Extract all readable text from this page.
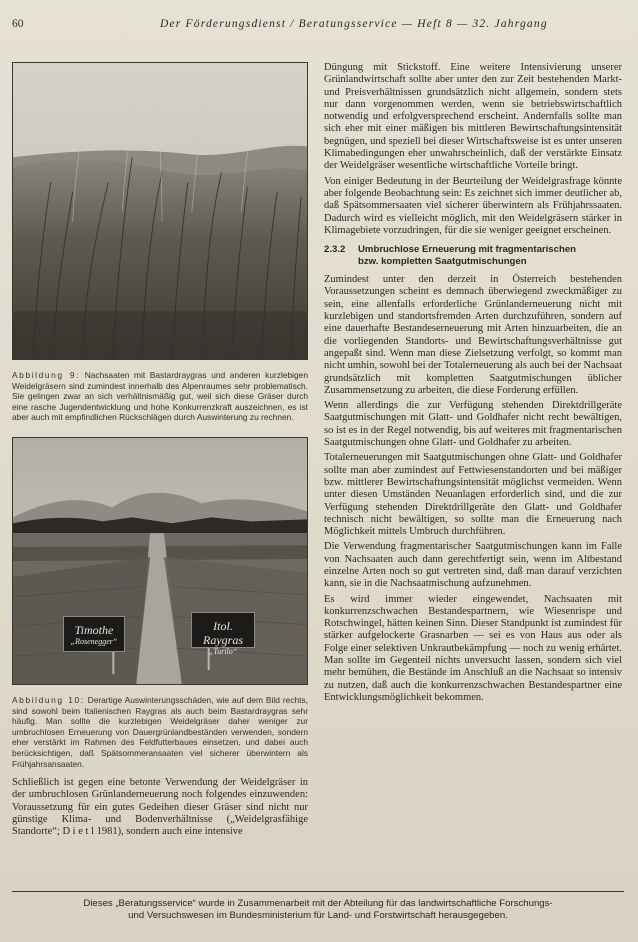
60	Der Förderungsdienst / Beratungsservice — Heft 8 — 32. Jahrgang
Abbildung 9: Nachsaaten mit Bastardraygras und anderen kurzlebigen Weidelgräsern sind zumindest innerhalb des Alpenraumes sehr problematisch. Sie gelingen zwar an sich verhältnismäßig gut, weil sich diese Gräser durch eine rasche Jugendentwicklung und hohe Konkurrenzkraft auszeichnen, es ist aber auch mit empfindlichen Rückschlägen durch Auswinterung zu rechnen.
Timothe
„Rosenegger“
Itol. Raygras
„Turilo“
Abbildung 10: Derartige Auswinterungsschäden, wie auf dem Bild rechts, sind sowohl beim Italienischen Raygras als auch beim Bastardraygras sehr häufig. Man sollte die kurzlebigen Weidelgräser daher weniger zur umbruchlosen Erneuerung von Dauergrünlandbeständen verwenden, sondern eher verstärkt im Rahmen des Feldfutterbaues einsetzen, und dabei auch berücksichtigen, daß Spätsommeransaaten viel sicherer überwintern als Frühjahrsansaaten.

Schließlich ist gegen eine betonte Verwendung der Weidelgräser in der umbruchlosen Grünlanderneuerung noch folgendes einzuwenden: Voraussetzung für ein gutes Gedeihen dieser Gräser sind nicht nur günstige Klima- und Bodenverhältnisse („Weidelgrasfähige Standorte“; D i e t l 1981), sondern auch eine intensive

Düngung mit Stickstoff. Eine weitere Intensivierung unserer Grünlandwirtschaft sollte aber unter den zur Zeit bestehenden Markt- und Preisverhältnissen grundsätzlich nicht allgemein, sondern stets nur dann vorgenommen werden, wenn sie betriebswirtschaftlich notwendig und erfolgversprechend erscheint. Andernfalls sollte man sich eher mit einer mäßigen bis mittleren Bewirtschaftungsintensität begnügen, und speziell bei dieser Wirtschaftsweise ist es unter unseren Klimabedingungen eher unwahrscheinlich, daß der verstärkte Einsatz der Weidelgräser wesentliche wirtschaftliche Vorteile bringt.

Von einiger Bedeutung in der Beurteilung der Weidelgrasfrage könnte aber folgende Beobachtung sein: Es zeichnet sich immer deutlicher ab, daß Spätsommersaaten viel sicherer überwintern als Frühjahrssaaten. Dadurch wird es vielleicht möglich, mit den Weidelgräsern stärker in Klimagebiete vorzudringen, für die sie weniger geeignet erscheinen.

2.3.2 Umbruchlose Erneuerung mit fragmentarischen
bzw. kompletten Saatgutmischungen

Zumindest unter den derzeit in Österreich bestehenden Voraussetzungen scheint es demnach überwiegend zweckmäßiger zu sein, eine allenfalls erforderliche Grünlanderneuerung nicht mit kurzlebigen und standortsfremden Arten durchzuführen, sondern auf eine dauerhafte Bestandeserneuerung mit Arten hinzuarbeiten, die an die vorliegenden Standorts- und Bewirtschaftungsverhältnisse gut angepaßt sind. Wenn man diese Zielsetzung verfolgt, so kommt man nicht umhin, sowohl bei der Totalerneuerung als auch bei der Nachsaat grundsätzlich mit kompletten Saatgutmischungen üblicher Zusammensetzung zu arbeiten, die diese Forderung erfüllen.

Wenn allerdings die zur Verfügung stehenden Direktdrillgeräte Saatgutmischungen mit Glatt- und Goldhafer nicht recht bewältigen, so ist es in der Regel notwendig, bis auf weiteres mit fragmentarischen Saatgutmischungen ohne Glatt- und Goldhafer zu arbeiten.

Totalerneuerungen mit Saatgutmischungen ohne Glatt- und Goldhafer sollte man aber zumindest auf Fettwiesenstandorten und bei mäßiger bzw. mittlerer Bewirtschaftungsintensität möglichst vermeiden. Wenn unter diesen Umständen Neuanlagen erforderlich sind, und die zur Verfügung stehenden Direktdrillgeräte den Glatt- und Goldhafer technisch nicht bewältigen, so sollte man die Erneuerung nach Möglichkeit mittels Umbruch durchführen.

Die Verwendung fragmentarischer Saatgutmischungen kann im Falle von Nachsaaten auch dann gerechtfertigt sein, wenn im Altbestand einzelne Arten noch so gut vertreten sind, daß man darauf verzichten kann, sie in die Nachsaatmischung aufzunehmen.

Es wird immer wieder eingewendet, Nachsaaten mit konkurrenzschwachen Bestandespartnern, wie Wiesenrispe und Rotschwingel, hätten keinen Sinn. Dieser Standpunkt ist zumindest für stärker aufgelockerte Grasnarben — sei es von Haus aus oder als Folge einer selektiven Unkrautbekämpfung — noch zu wenig erhärtet. Man sollte im Gegenteil nichts unversucht lassen, sondern sich viel mehr bemühen, die Bestände im Anschluß an die Nachsaat so intensiv zu nutzen, daß auch die konkurrenzschwachen Bestandespartner eine Entwicklungsmöglichkeit bekommen.

Dieses „Beratungsservice“ wurde in Zusammenarbeit mit der Abteilung für das landwirtschaftliche Forschungs-
und Versuchswesen im Bundesministerium für Land- und Forstwirtschaft herausgegeben.
